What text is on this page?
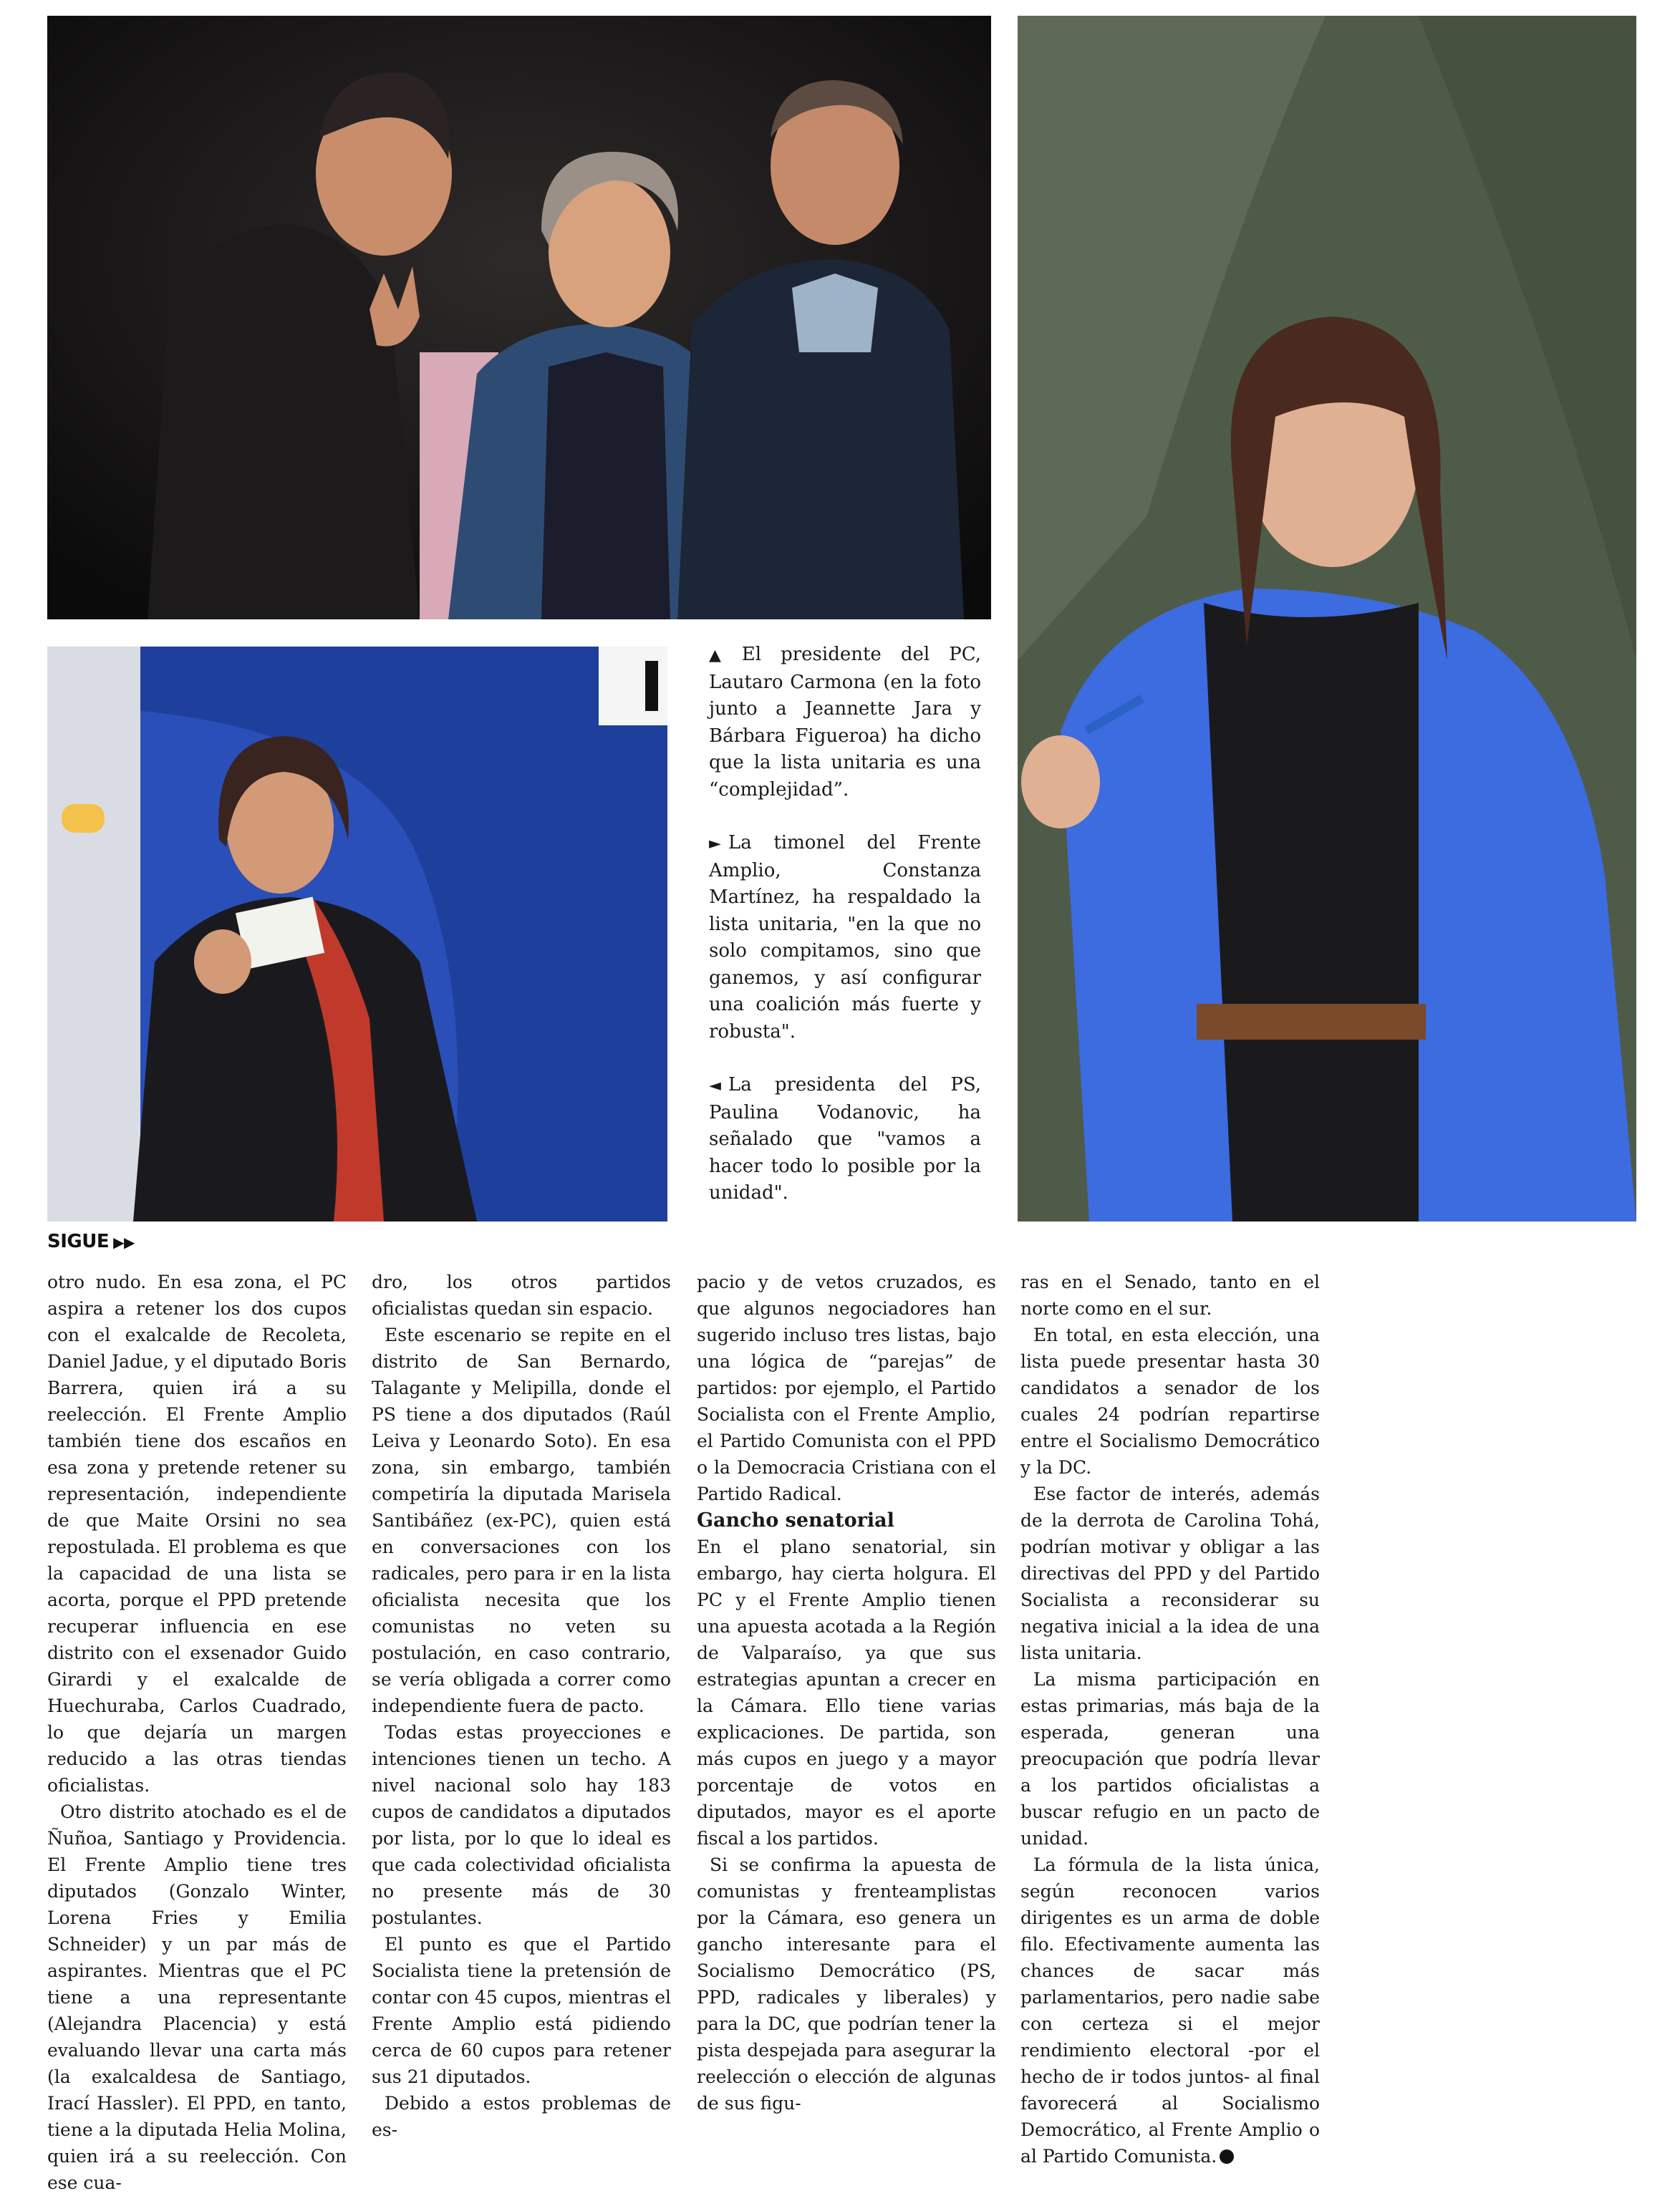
▲ El presidente del PC, Lautaro Carmona (en la foto junto a Jeannette Jara y Bárbara Figueroa) ha dicho que la lista unitaria es una “complejidad”.

► La timonel del Frente Amplio, Constanza Martínez, ha respaldado la lista unitaria, "en la que no solo compitamos, sino que ganemos, y así configurar una coalición más fuerte y robusta".

◄ La presidenta del PS, Paulina Vodanovic, ha señalado que "vamos a hacer todo lo posible por la unidad".

SIGUE ▶▶

otro nudo. En esa zona, el PC aspira a retener los dos cupos con el exalcalde de Recoleta, Daniel Jadue, y el diputado Boris Barrera, quien irá a su reelección. El Frente Amplio también tiene dos escaños en esa zona y pretende retener su representación, independiente de que Maite Orsini no sea repostulada. El problema es que la capacidad de una lista se acorta, porque el PPD pretende recuperar influencia en ese distrito con el exsenador Guido Girardi y el exalcalde de Huechuraba, Carlos Cuadrado, lo que dejaría un margen reducido a las otras tiendas oficialistas.

Otro distrito atochado es el de Ñuñoa, Santiago y Providencia. El Frente Amplio tiene tres diputados (Gonzalo Winter, Lorena Fries y Emilia Schneider) y un par más de aspirantes. Mientras que el PC tiene a una representante (Alejandra Placencia) y está evaluando llevar una carta más (la exalcaldesa de Santiago, Irací Hassler). El PPD, en tanto, tiene a la diputada Helia Molina, quien irá a su reelección. Con ese cua-

dro, los otros partidos oficialistas quedan sin espacio.

Este escenario se repite en el distrito de San Bernardo, Talagante y Melipilla, donde el PS tiene a dos diputados (Raúl Leiva y Leonardo Soto). En esa zona, sin embargo, también competiría la diputada Marisela Santibáñez (ex-PC), quien está en conversaciones con los radicales, pero para ir en la lista oficialista necesita que los comunistas no veten su postulación, en caso contrario, se vería obligada a correr como independiente fuera de pacto.

Todas estas proyecciones e intenciones tienen un techo. A nivel nacional solo hay 183 cupos de candidatos a diputados por lista, por lo que lo ideal es que cada colectividad oficialista no presente más de 30 postulantes.

El punto es que el Partido Socialista tiene la pretensión de contar con 45 cupos, mientras el Frente Amplio está pidiendo cerca de 60 cupos para retener sus 21 diputados.

Debido a estos problemas de es-

pacio y de vetos cruzados, es que algunos negociadores han sugerido incluso tres listas, bajo una lógica de “parejas” de partidos: por ejemplo, el Partido Socialista con el Frente Amplio, el Partido Comunista con el PPD o la Democracia Cristiana con el Partido Radical.

Gancho senatorial

En el plano senatorial, sin embargo, hay cierta holgura. El PC y el Frente Amplio tienen una apuesta acotada a la Región de Valparaíso, ya que sus estrategias apuntan a crecer en la Cámara. Ello tiene varias explicaciones. De partida, son más cupos en juego y a mayor porcentaje de votos en diputados, mayor es el aporte fiscal a los partidos.

Si se confirma la apuesta de comunistas y frenteamplistas por la Cámara, eso genera un gancho interesante para el Socialismo Democrático (PS, PPD, radicales y liberales) y para la DC, que podrían tener la pista despejada para asegurar la reelección o elección de algunas de sus figu-

ras en el Senado, tanto en el norte como en el sur.

En total, en esta elección, una lista puede presentar hasta 30 candidatos a senador de los cuales 24 podrían repartirse entre el Socialismo Democrático y la DC.

Ese factor de interés, además de la derrota de Carolina Tohá, podrían motivar y obligar a las directivas del PPD y del Partido Socialista a reconsiderar su negativa inicial a la idea de una lista unitaria.

La misma participación en estas primarias, más baja de la esperada, generan una preocupación que podría llevar a los partidos oficialistas a buscar refugio en un pacto de unidad.

La fórmula de la lista única, según reconocen varios dirigentes es un arma de doble filo. Efectivamente aumenta las chances de sacar más parlamentarios, pero nadie sabe con certeza si el mejor rendimiento electoral -por el hecho de ir todos juntos- al final favorecerá al Socialismo Democrático, al Frente Amplio o al Partido Comunista.
